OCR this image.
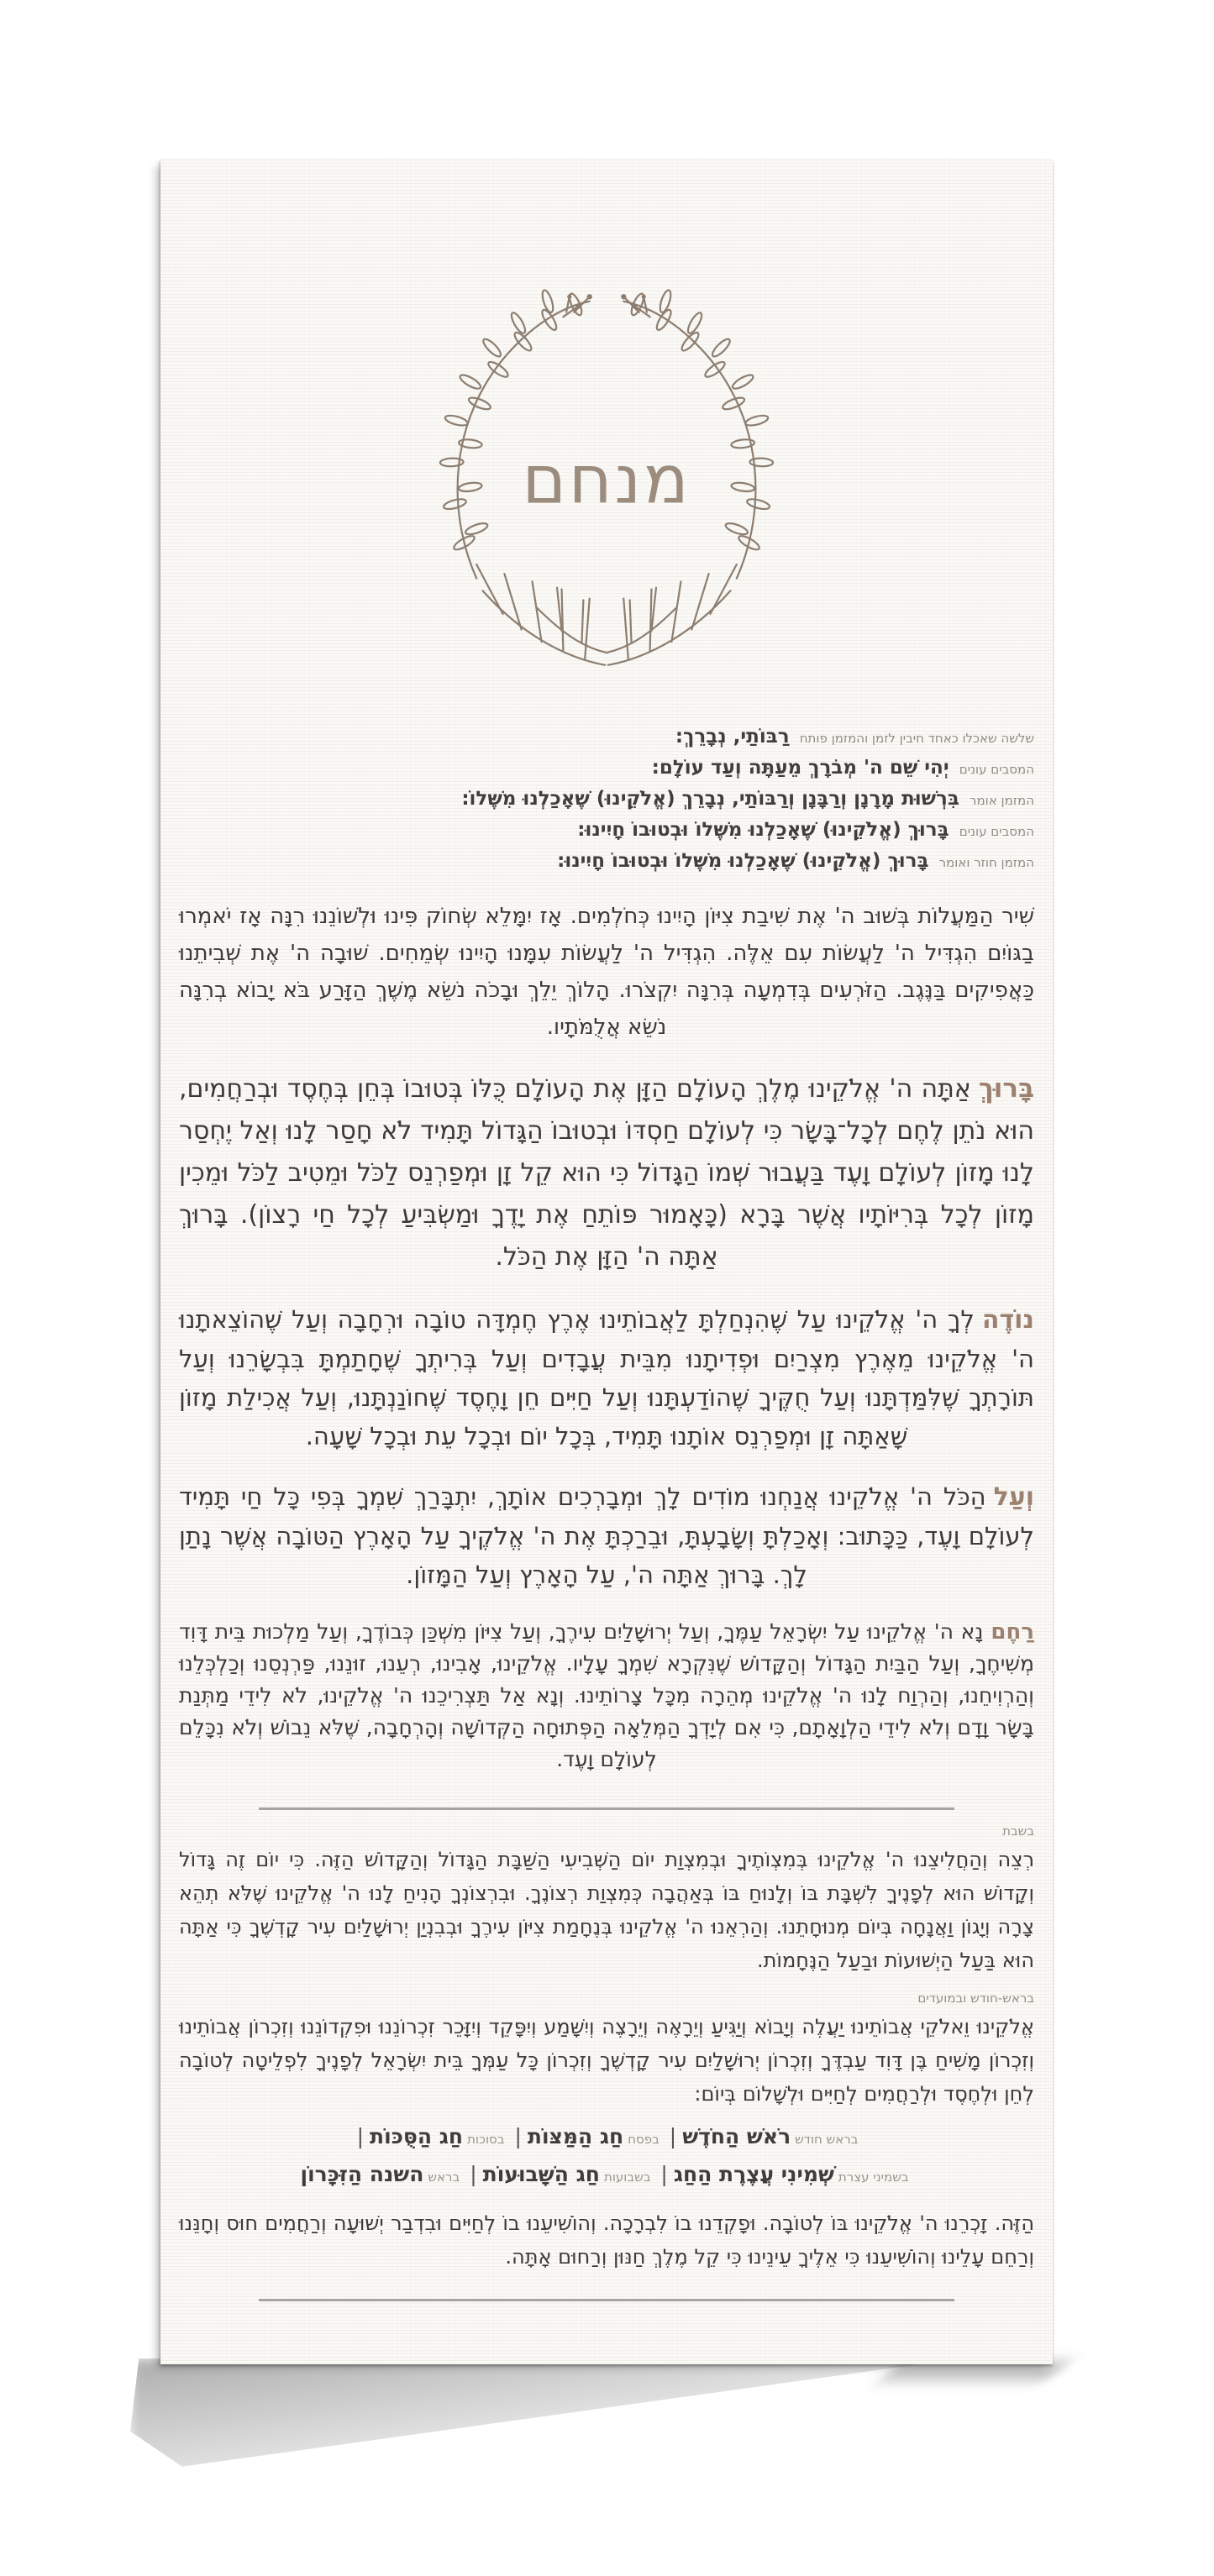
מנחם
שלשה שאכלו כאחד חיבין לזמן והמזמן פותח רַבּוֹתַי, נְבָרֵךְ:
המסבים עונים יְהִי שֵׁם ה' מְבֹרָךְ מֵעַתָּה וְעַד עוֹלָם:
המזמן אומר בִּרְשׁוּת מָרָנָן וְרַבָּנָן וְרַבּוֹתַי, נְבָרֵךְ (אֱלֹקֵינוּ) שֶׁאָכַלְנוּ מִשֶּׁלוֹ:
המסבים עונים בָּרוּךְ (אֱלֹקֵינוּ) שֶׁאָכַלְנוּ מִשֶּׁלוֹ וּבְטוּבוֹ חָיִינוּ:
המזמן חוזר ואומר בָּרוּךְ (אֱלֹקֵינוּ) שֶׁאָכַלְנוּ מִשֶּׁלוֹ וּבְטוּבוֹ חָיִינוּ:

שִׁיר הַמַּעֲלוֹת בְּשׁוּב ה' אֶת שִׁיבַת צִיּוֹן הָיִינוּ כְּחֹלְמִים. אָז יִמָּלֵא שְׂחוֹק פִּינוּ וּלְשׁוֹנֵנוּ רִנָּה אָז יֹאמְרוּ בַגּוֹיִם הִגְדִּיל ה' לַעֲשׂוֹת עִם אֵלֶּה. הִגְדִּיל ה' לַעֲשׂוֹת עִמָּנוּ הָיִינוּ שְׂמֵחִים. שׁוּבָה ה' אֶת שְׁבִיתֵנוּ כַּאֲפִיקִים בַּנֶּגֶב. הַזֹּרְעִים בְּדִמְעָה בְּרִנָּה יִקְצֹרוּ. הָלוֹךְ יֵלֵךְ וּבָכֹה נֹשֵׂא מֶשֶׁךְ הַזָּרַע בֹּא יָבוֹא בְרִנָּה נֹשֵׂא אֲלֻמֹּתָיו.

בָּרוּךְאַתָּה ה' אֱלֹקֵינוּ מֶלֶךְ הָעוֹלָם הַזָּן אֶת הָעוֹלָם כֻּלּוֹ בְּטוּבוֹ בְּחֵן בְּחֶסֶד וּבְרַחֲמִים, הוּא נֹתֵן לֶחֶם לְכָל־בָּשָׂר כִּי לְעוֹלָם חַסְדּוֹ וּבְטוּבוֹ הַגָּדוֹל תָּמִיד לֹא חָסַר לָנוּ וְאַל יֶחְסַר לָנוּ מָזוֹן לְעוֹלָם וָעֶד בַּעֲבוּר שְׁמוֹ הַגָּדוֹל כִּי הוּא קֵל זָן וּמְפַרְנֵס לַכֹּל וּמֵטִיב לַכֹּל וּמֵכִין מָזוֹן לְכָל בְּרִיּוֹתָיו אֲשֶׁר בָּרָא (כָּאָמוּר פּוֹתֵחַ אֶת יָדֶךָ וּמַשְׂבִּיעַ לְכָל חַי רָצוֹן). בָּרוּךְ אַתָּה ה' הַזָּן אֶת הַכֹּל.

נוֹדֶהלְךָ ה' אֱלֹקֵינוּ עַל שֶׁהִנְחַלְתָּ לַאֲבוֹתֵינוּ אֶרֶץ חֶמְדָּה טוֹבָה וּרְחָבָה וְעַל שֶׁהוֹצֵאתָנוּ ה' אֱלֹקֵינוּ מֵאֶרֶץ מִצְרַיִם וּפְדִיתָנוּ מִבֵּית עֲבָדִים וְעַל בְּרִיתְךָ שֶׁחָתַמְתָּ בִּבְשָׂרֵנוּ וְעַל תּוֹרָתְךָ שֶׁלִּמַּדְתָּנוּ וְעַל חֻקֶּיךָ שֶׁהוֹדַעְתָּנוּ וְעַל חַיִּים חֵן וָחֶסֶד שֶׁחוֹנַנְתָּנוּ, וְעַל אֲכִילַת מָזוֹן שָׁאַתָּה זָן וּמְפַרְנֵס אוֹתָנוּ תָּמִיד, בְּכָל יוֹם וּבְכָל עֵת וּבְכָל שָׁעָה.

וְעַלהַכֹּל ה' אֱלֹקֵינוּ אֲנַחְנוּ מוֹדִים לָךְ וּמְבָרְכִים אוֹתָךְ, יִתְבָּרַךְ שִׁמְךָ בְּפִי כָּל חַי תָּמִיד לְעוֹלָם וָעֶד, כַּכָּתוּב: וְאָכַלְתָּ וְשָׂבָעְתָּ, וּבֵרַכְתָּ אֶת ה' אֱלֹקֶיךָ עַל הָאָרֶץ הַטּוֹבָה אֲשֶׁר נָתַן לָךְ. בָּרוּךְ אַתָּה ה', עַל הָאָרֶץ וְעַל הַמָּזוֹן.

רַחֶםנָא ה' אֱלֹקֵינוּ עַל יִשְׂרָאֵל עַמֶּךָ, וְעַל יְרוּשָׁלַיִם עִירֶךָ, וְעַל צִיּוֹן מִשְׁכַּן כְּבוֹדֶךָ, וְעַל מַלְכוּת בֵּית דָּוִד מְשִׁיחֶךָ, וְעַל הַבַּיִת הַגָּדוֹל וְהַקָּדוֹשׁ שֶׁנִּקְרָא שִׁמְךָ עָלָיו. אֱלֹקֵינוּ, אָבִינוּ, רְעֵנוּ, זוּנֵנוּ, פַּרְנְסֵנוּ וְכַלְכְּלֵנוּ וְהַרְוִיחֵנוּ, וְהַרְוַח לָנוּ ה' אֱלֹקֵינוּ מְהֵרָה מִכָּל צָרוֹתֵינוּ. וְנָא אַל תַּצְרִיכֵנוּ ה' אֱלֹקֵינוּ, לֹא לִידֵי מַתְּנַת בָּשָׂר וָדָם וְלֹא לִידֵי הַלְוָאָתָם, כִּי אִם לְיָדְךָ הַמְּלֵאָה הַפְּתוּחָה הַקְּדוֹשָׁה וְהָרְחָבָה, שֶׁלֹּא נֵבוֹשׁ וְלֹא נִכָּלֵם לְעוֹלָם וָעֶד.

בשבת

רְצֵה וְהַחֲלִיצֵנוּ ה' אֱלֹקֵינוּ בְּמִצְוֹתֶיךָ וּבְמִצְוַת יוֹם הַשְּׁבִיעִי הַשַּׁבָּת הַגָּדוֹל וְהַקָּדוֹשׁ הַזֶּה. כִּי יוֹם זֶה גָּדוֹל וְקָדוֹשׁ הוּא לְפָנֶיךָ לִשְׁבָּת בּוֹ וְלָנוּחַ בּוֹ בְּאַהֲבָה כְּמִצְוַת רְצוֹנֶךָ. וּבִרְצוֹנְךָ הָנִיחַ לָנוּ ה' אֱלֹקֵינוּ שֶׁלֹּא תְהֵא צָרָה וְיָגוֹן וַאֲנָחָה בְּיוֹם מְנוּחָתֵנוּ. וְהַרְאֵנוּ ה' אֱלֹקֵינוּ בְּנֶחָמַת צִיּוֹן עִירֶךָ וּבְבִנְיַן יְרוּשָׁלַיִם עִיר קָדְשֶׁךָ כִּי אַתָּה הוּא בַּעַל הַיְשׁוּעוֹת וּבַעַל הַנֶּחָמוֹת.

בראש-חודש ובמועדים

אֱלֹקֵינוּ וֵאלֹקֵי אֲבוֹתֵינוּ יַעֲלֶה וְיָבוֹא וְיַגִּיעַ וְיֵרָאֶה וְיֵרָצֶה וְיִשָּׁמַע וְיִפָּקֵד וְיִזָּכֵר זִכְרוֹנֵנוּ וּפִקְדוֹנֵנוּ וְזִכְרוֹן אֲבוֹתֵינוּ וְזִכְרוֹן מָשִׁיחַ בֶּן דָּוִד עַבְדֶּךָ וְזִכְרוֹן יְרוּשָׁלַיִם עִיר קָדְשֶׁךָ וְזִכְרוֹן כָּל עַמְּךָ בֵּית יִשְׂרָאֵל לְפָנֶיךָ לִפְלֵיטָה לְטוֹבָה לְחֵן וּלְחֶסֶד וּלְרַחֲמִים לְחַיִּים וּלְשָׁלוֹם בְּיוֹם:

בראש חודשרֹאשׁ הַחֹדֶשׁ|בפסחחַג הַמַּצּוֹת|בסוכותחַג הַסֻּכּוֹת|
בשמיני עצרתשְׁמִינִי עֲצֶרֶת הַחַג|בשבועותחַג הַשָּׁבוּעוֹת|בראשהשנה הַזִּכָּרוֹן

הַזֶּה. זָכְרֵנוּ ה' אֱלֹקֵינוּ בּוֹ לְטוֹבָה. וּפָקְדֵנוּ בוֹ לִבְרָכָה. וְהוֹשִׁיעֵנוּ בוֹ לְחַיִּים וּבִדְבַר יְשׁוּעָה וְרַחֲמִים חוּס וְחָנֵּנוּ וְרַחֵם עָלֵינוּ וְהוֹשִׁיעֵנוּ כִּי אֵלֶיךָ עֵינֵינוּ כִּי קֵל מֶלֶךְ חַנּוּן וְרַחוּם אָתָּה.
